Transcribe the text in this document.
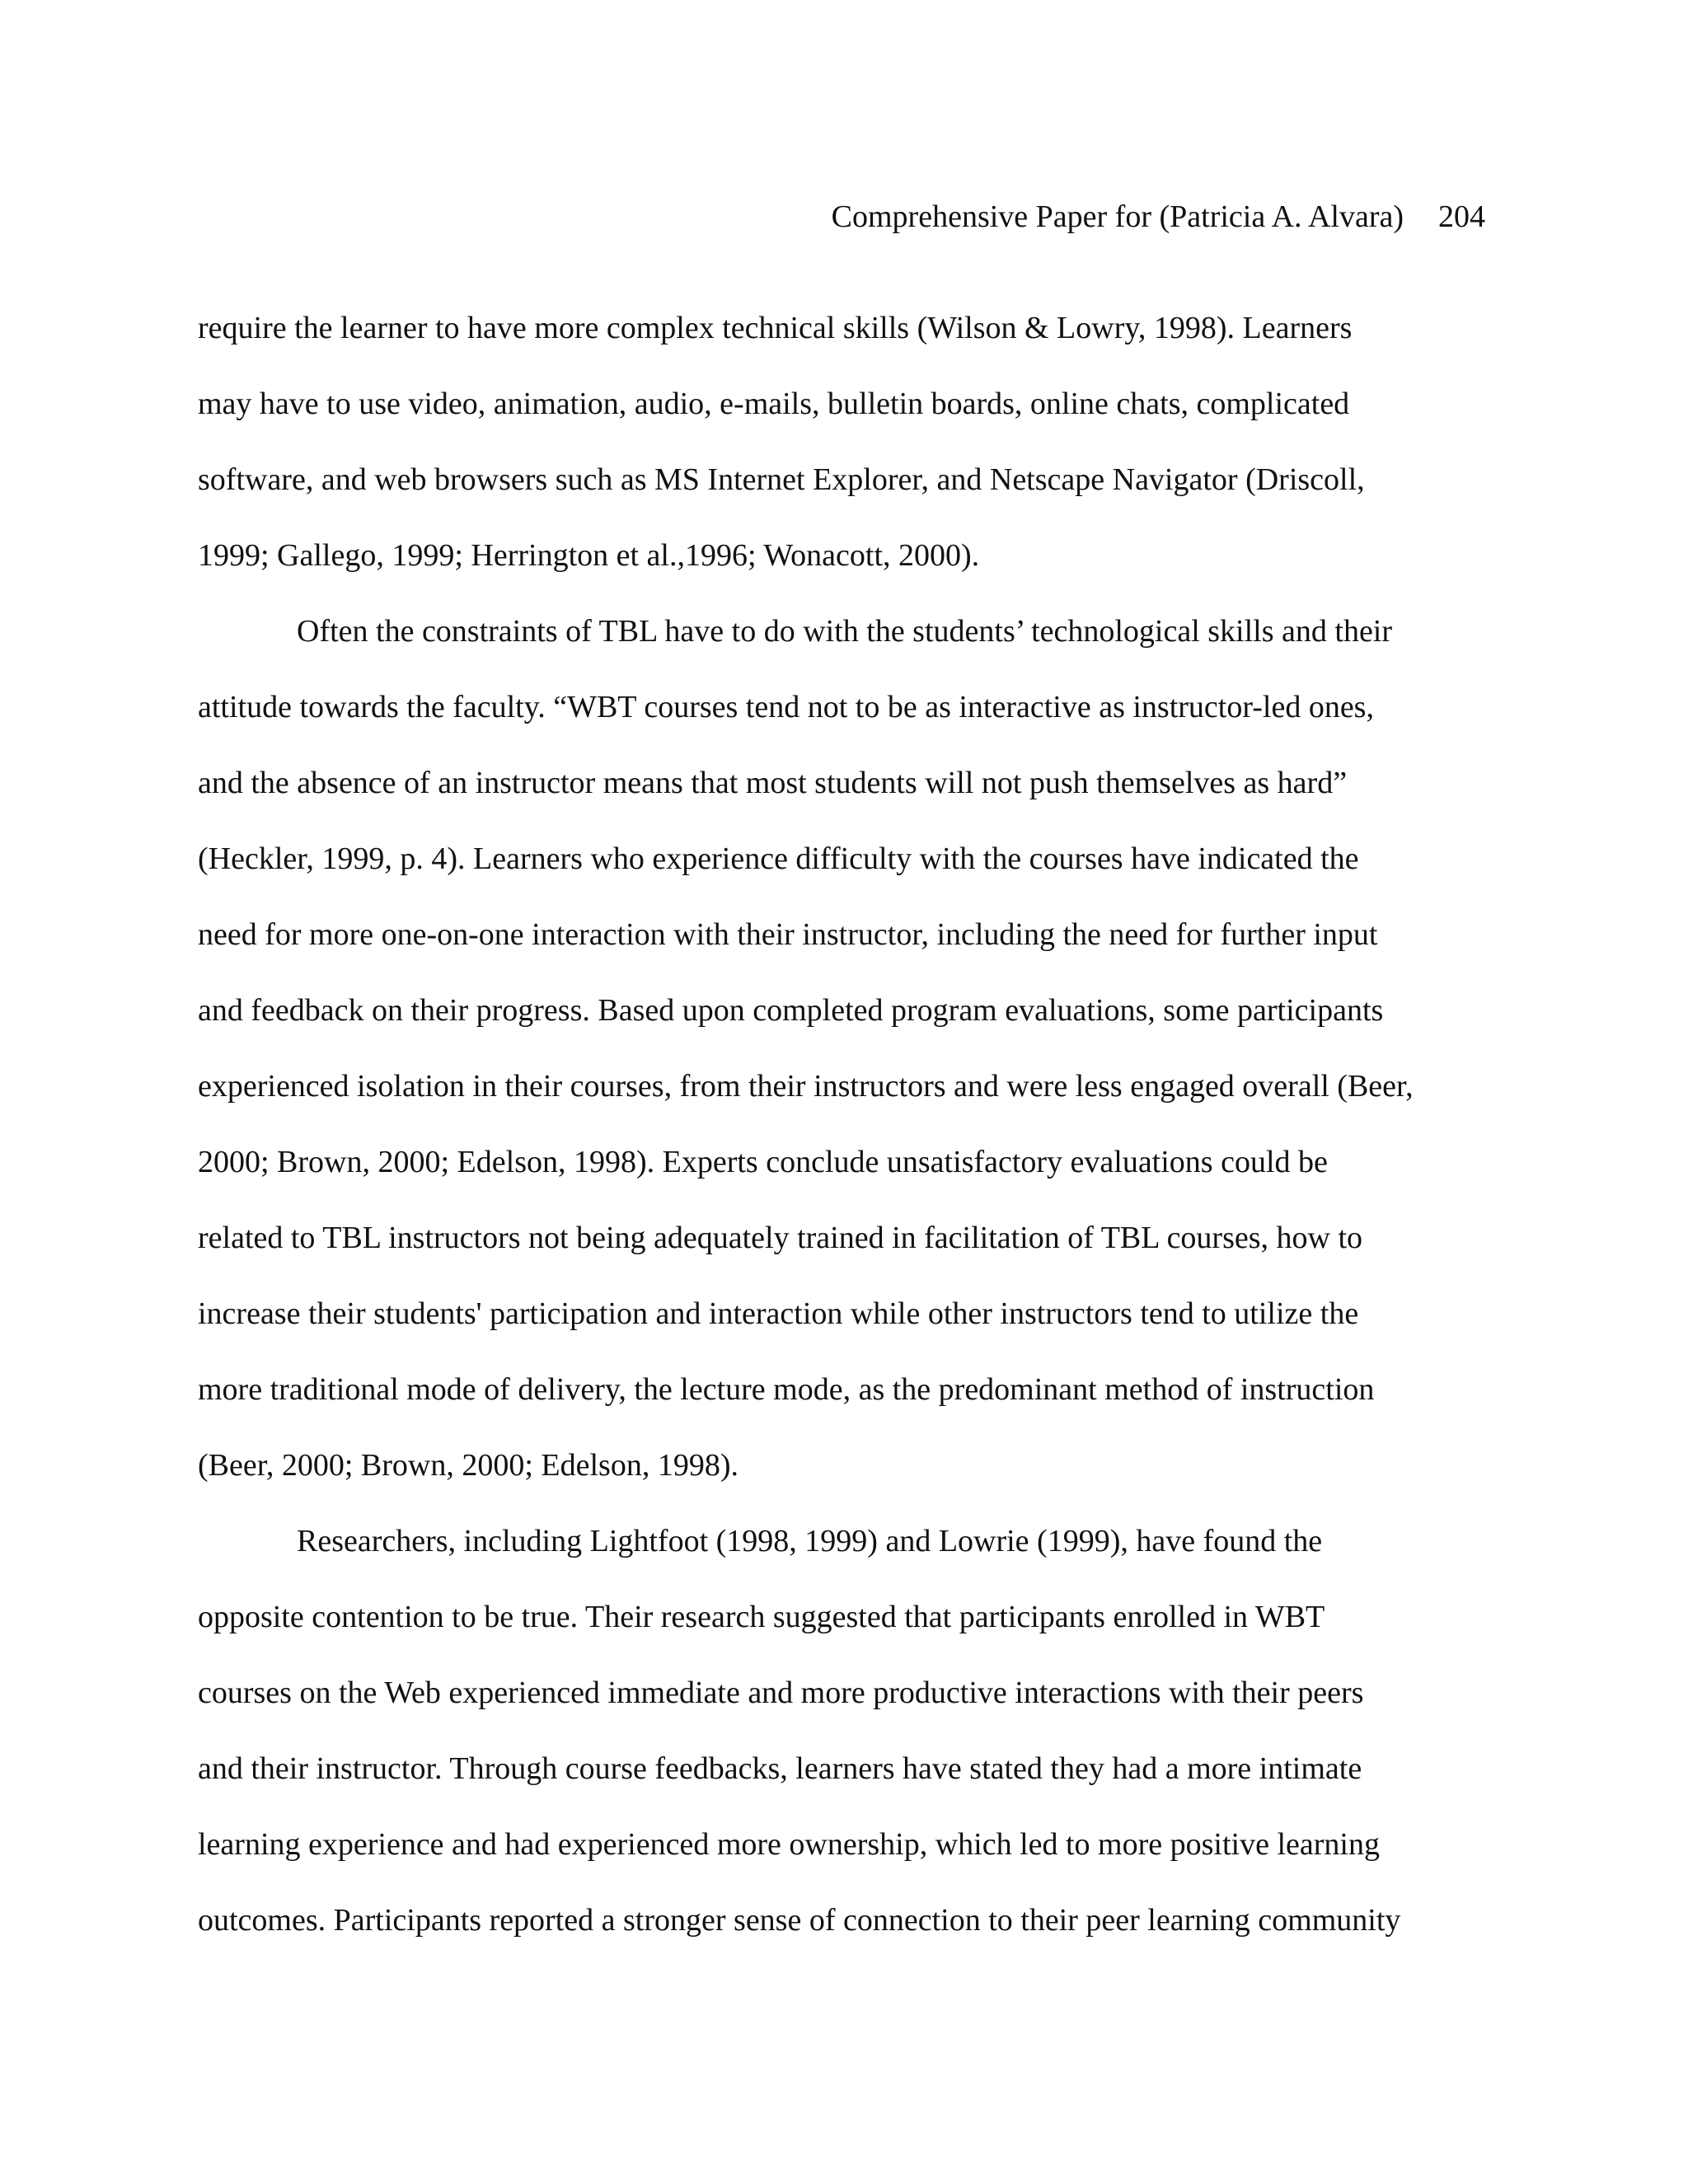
Comprehensive Paper for (Patricia A. Alvara) 204
require the learner to have more complex technical skills (Wilson & Lowry, 1998). Learners
may have to use video, animation, audio, e-mails, bulletin boards, online chats, complicated
software, and web browsers such as MS Internet Explorer, and Netscape Navigator (Driscoll,
1999; Gallego, 1999; Herrington et al.,1996; Wonacott, 2000).
Often the constraints of TBL have to do with the students’ technological skills and their
attitude towards the faculty. “WBT courses tend not to be as interactive as instructor-led ones,
and the absence of an instructor means that most students will not push themselves as hard”
(Heckler, 1999, p. 4). Learners who experience difficulty with the courses have indicated the
need for more one-on-one interaction with their instructor, including the need for further input
and feedback on their progress. Based upon completed program evaluations, some participants
experienced isolation in their courses, from their instructors and were less engaged overall (Beer,
2000; Brown, 2000; Edelson, 1998). Experts conclude unsatisfactory evaluations could be
related to TBL instructors not being adequately trained in facilitation of TBL courses, how to
increase their students' participation and interaction while other instructors tend to utilize the
more traditional mode of delivery, the lecture mode, as the predominant method of instruction
(Beer, 2000; Brown, 2000; Edelson, 1998).
Researchers, including Lightfoot (1998, 1999) and Lowrie (1999), have found the
opposite contention to be true. Their research suggested that participants enrolled in WBT
courses on the Web experienced immediate and more productive interactions with their peers
and their instructor. Through course feedbacks, learners have stated they had a more intimate
learning experience and had experienced more ownership, which led to more positive learning
outcomes. Participants reported a stronger sense of connection to their peer learning community
